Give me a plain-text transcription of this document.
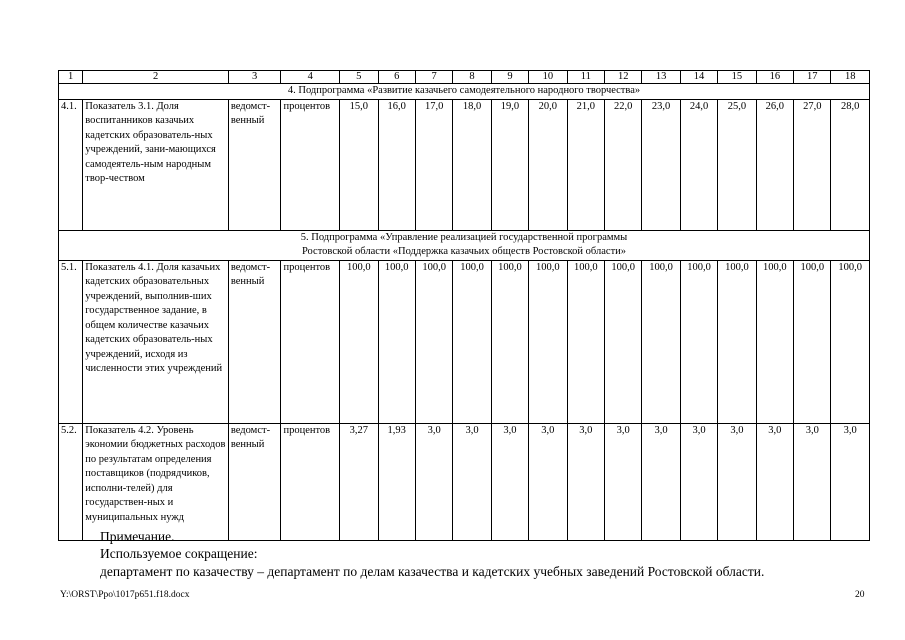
1	2	3	4	5	6	7	8	9	10	11	12	13	14	15	16	17	18
4. Подпрограмма «Развитие казачьего самодеятельного народного творчества»																	
4.1.	Показатель 3.1. Доля воспитанников казачьих кадетских образователь-ных учреждений, зани-мающихся самодеятель-ным народным твор-чеством	ведомст-венный	процентов	15,0	16,0	17,0	18,0	19,0	20,0	21,0	22,0	23,0	24,0	25,0	26,0	27,0	28,0

5. Подпрограмма «Управление реализацией государственной программы
Ростовской области «Поддержка казачьих обществ Ростовской области»																	

5.1.	Показатель 4.1. Доля казачьих кадетских образовательных учреждений, выполнив-ших государственное задание, в общем количестве казачьих кадетских образователь-ных учреждений, исходя из численности этих учреждений	ведомст-венный	процентов	100,0	100,0	100,0	100,0	100,0	100,0	100,0	100,0	100,0	100,0	100,0	100,0	100,0	100,0
5.2.	Показатель 4.2. Уровень экономии бюджетных расходов по результатам определения поставщиков (подрядчиков, исполни-телей) для государствен-ных и муниципальных нужд	ведомст-венный	процентов	3,27	1,93	3,0	3,0	3,0	3,0	3,0	3,0	3,0	3,0	3,0	3,0	3,0	3,0
Примечание.
Используемое сокращение:
департамент по казачеству – департамент по делам казачества и кадетских учебных заведений Ростовской области.
Y:\ORST\Ppo\1017p651.f18.docx	20
